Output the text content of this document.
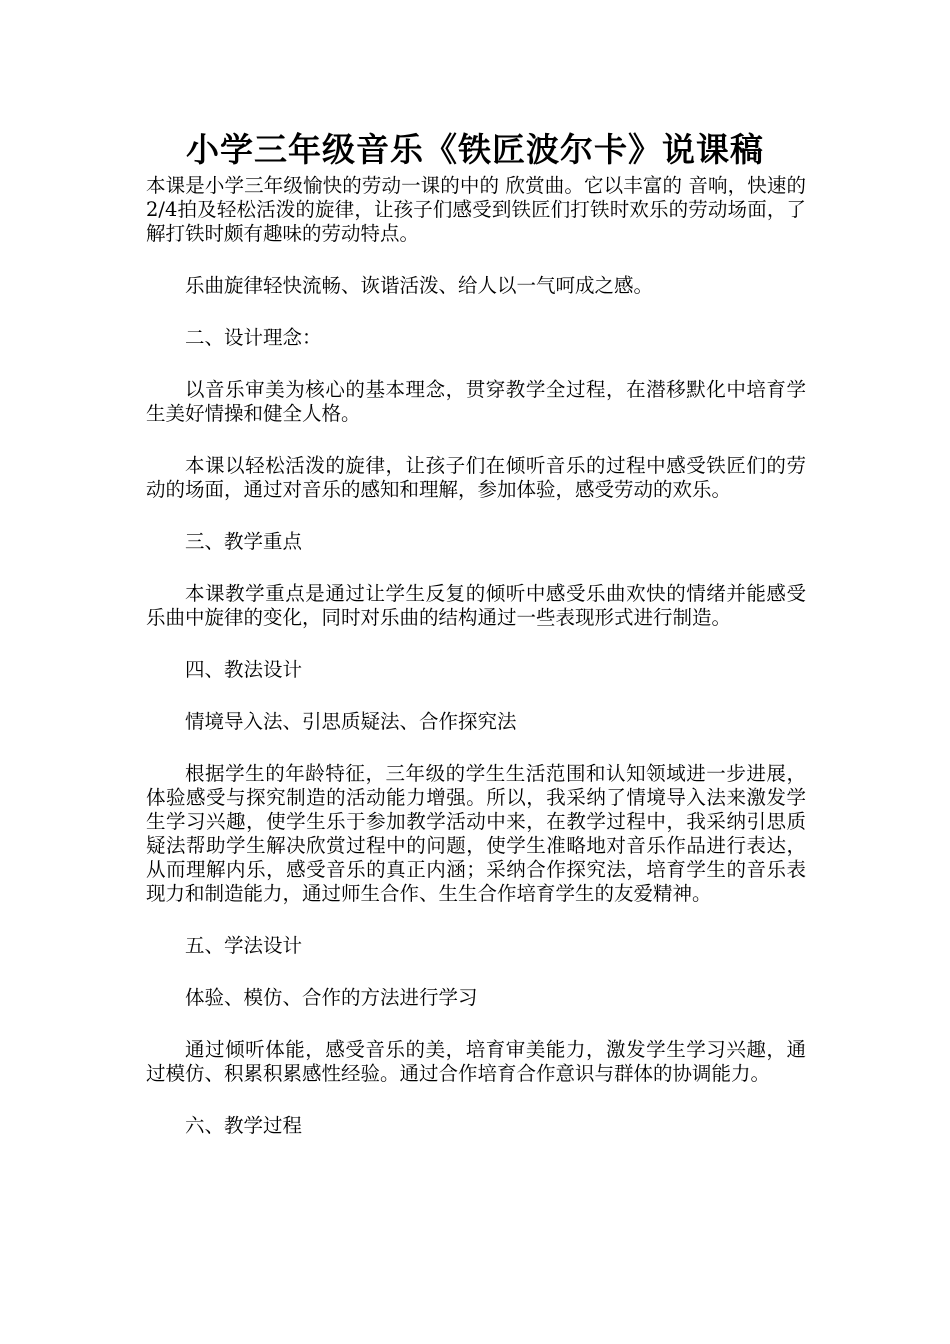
小学三年级音乐《铁匠波尔卡》说课稿

本课是小学三年级愉快的劳动一课的中的 欣赏曲。它以丰富的 音响，快速的2/4拍及轻松活泼的旋律，让孩子们感受到铁匠们打铁时欢乐的劳动场面，了解打铁时颇有趣味的劳动特点。

乐曲旋律轻快流畅、诙谐活泼、给人以一气呵成之感。

二、设计理念：

以音乐审美为核心的基本理念，贯穿教学全过程，在潜移默化中培育学生美好情操和健全人格。

本课以轻松活泼的旋律，让孩子们在倾听音乐的过程中感受铁匠们的劳动的场面，通过对音乐的感知和理解，参加体验，感受劳动的欢乐。

三、教学重点

本课教学重点是通过让学生反复的倾听中感受乐曲欢快的情绪并能感受乐曲中旋律的变化，同时对乐曲的结构通过一些表现形式进行制造。

四、教法设计

情境导入法、引思质疑法、合作探究法

根据学生的年龄特征，三年级的学生生活范围和认知领域进一步进展，体验感受与探究制造的活动能力增强。所以，我采纳了情境导入法来激发学生学习兴趣，使学生乐于参加教学活动中来，在教学过程中，我采纳引思质疑法帮助学生解决欣赏过程中的问题，使学生准略地对音乐作品进行表达，从而理解内乐，感受音乐的真正内涵；采纳合作探究法，培育学生的音乐表现力和制造能力，通过师生合作、生生合作培育学生的友爱精神。

五、学法设计

体验、模仿、合作的方法进行学习

通过倾听体能，感受音乐的美，培育审美能力，激发学生学习兴趣，通过模仿、积累积累感性经验。通过合作培育合作意识与群体的协调能力。

六、教学过程
